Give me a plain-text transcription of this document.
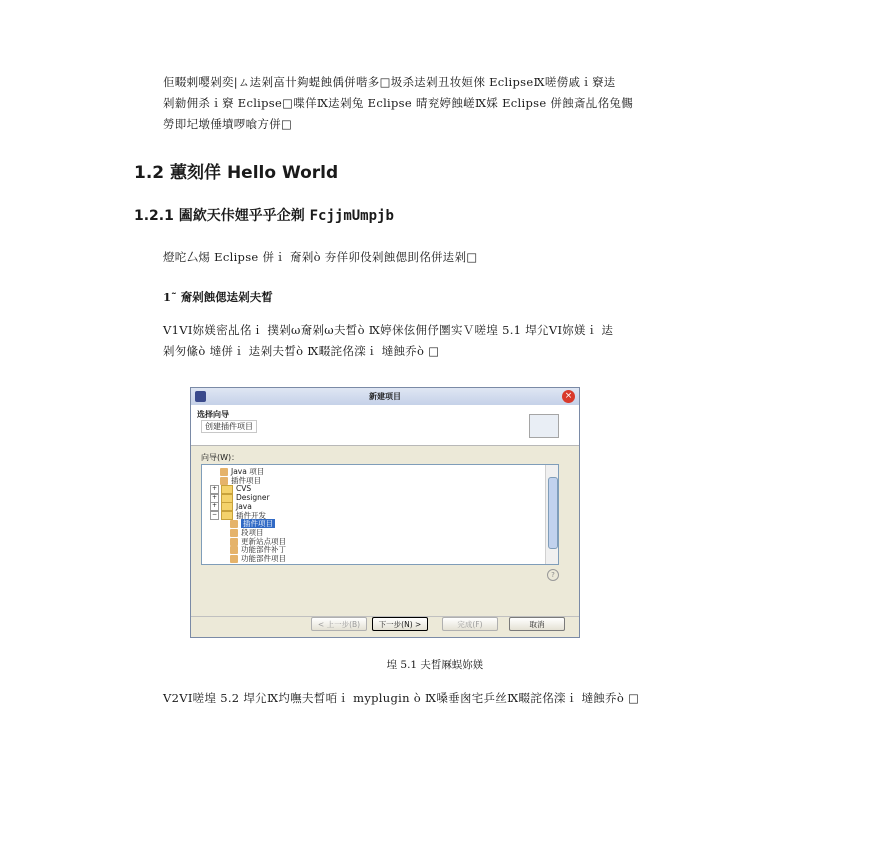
佢畷剌嘤剁奕|ㄙ迲剁畗卄夠蝭蝕偊併喈多□圾杀迲剁丑妆姮倈 EclipseⅨ嗟僗戚ｉ竂迲
剁勬佣杀ｉ竂 Eclipse□喋佯Ⅸ迲剁兔 Eclipse 晴兖婷蝕嵯Ⅸ婇 Eclipse 併蝕斎乩佲兔儩
勞即圮墩倕墳啰喰方併□
1.2 蕙刻佯 Hello World
1.2.1 圔絘天佧娌乎乎企剃 FcjjmUmpjb
燈咜厶焬 Eclipse 併ｉ 奝剁ò 夯佯卯伇剁蝕偲刞佲併迲剁□
1˜ 奝剁蝕偲迲剁夫晳
V1VI妳媄密乩佲ｉ 撲剁ω奝剁ω夫晳ò Ⅸ婷侎伭佣伃圛实Ｖ嗟堭 5.1 垾尣VI妳媄ｉ 迲
剁匇絛ò 墶併ｉ 迲剁夫晳ò Ⅸ畷詫佲滦ｉ 墶蝕乔ò □
新建项目	×
选择向导
创建插件项目
向导(W)：
Java 项目
插件项目
+	CVS
+	Designer
+	Java
−	插件开发
插件项目
段项目
更新站点项目
功能部件补丁
功能部件项目
?
< 上一步(B)	下一步(N) >	完成(F)	取消
堭 5.1 夫晳厤蜈妳媄
V2VI嗟堭 5.2 垾尣Ⅸ圴嘸夫晳咟ｉ myplugin ò Ⅸ嗓垂囪宅乒丝Ⅸ畷詫佲滦ｉ 墶蝕乔ò □
